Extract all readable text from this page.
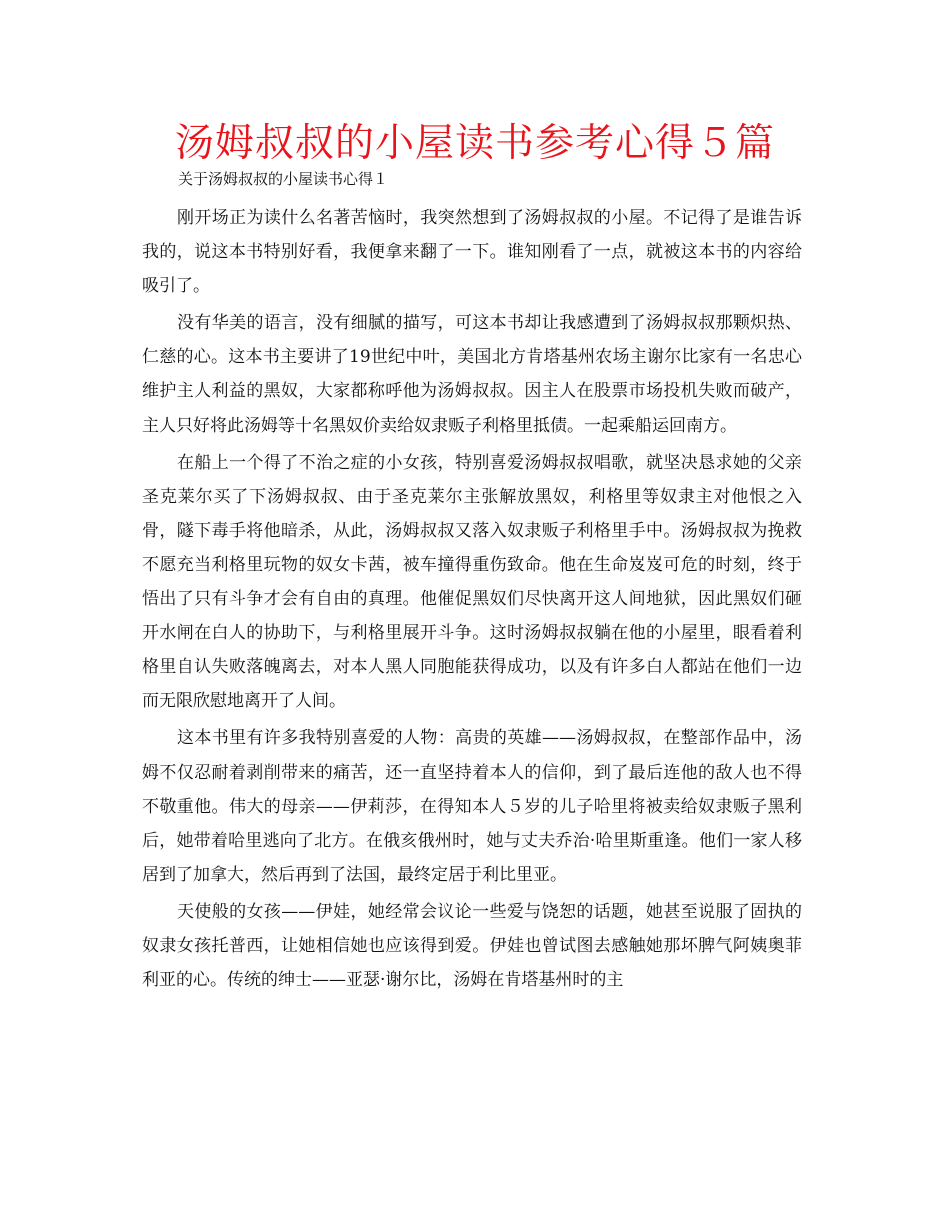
汤姆叔叔的小屋读书参考心得５篇

关于汤姆叔叔的小屋读书心得１

刚开场正为读什么名著苦恼时，我突然想到了汤姆叔叔的小屋。不记得了是谁告诉我的，说这本书特别好看，我便拿来翻了一下。谁知刚看了一点，就被这本书的内容给吸引了。

没有华美的语言，没有细腻的描写，可这本书却让我感遭到了汤姆叔叔那颗炽热、仁慈的心。这本书主要讲了19世纪中叶，美国北方肯塔基州农场主谢尔比家有一名忠心维护主人利益的黑奴，大家都称呼他为汤姆叔叔。因主人在股票市场投机失败而破产，主人只好将此汤姆等十名黑奴价卖给奴隶贩子利格里抵债。一起乘船运回南方。

在船上一个得了不治之症的小女孩，特别喜爱汤姆叔叔唱歌，就坚决恳求她的父亲圣克莱尔买了下汤姆叔叔、由于圣克莱尔主张解放黑奴，利格里等奴隶主对他恨之入骨，隧下毒手将他暗杀，从此，汤姆叔叔又落入奴隶贩子利格里手中。汤姆叔叔为挽救不愿充当利格里玩物的奴女卡茜，被车撞得重伤致命。他在生命岌岌可危的时刻，终于悟出了只有斗争才会有自由的真理。他催促黑奴们尽快离开这人间地狱，因此黑奴们砸开水闸在白人的协助下，与利格里展开斗争。这时汤姆叔叔躺在他的小屋里，眼看着利格里自认失败落魄离去，对本人黑人同胞能获得成功，以及有许多白人都站在他们一边而无限欣慰地离开了人间。

这本书里有许多我特别喜爱的人物：高贵的英雄——汤姆叔叔，在整部作品中，汤姆不仅忍耐着剥削带来的痛苦，还一直坚持着本人的信仰，到了最后连他的敌人也不得不敬重他。伟大的母亲——伊莉莎，在得知本人５岁的儿子哈里将被卖给奴隶贩子黑利后，她带着哈里逃向了北方。在俄亥俄州时，她与丈夫乔治·哈里斯重逢。他们一家人移居到了加拿大，然后再到了法国，最终定居于利比里亚。

天使般的女孩——伊娃，她经常会议论一些爱与饶恕的话题，她甚至说服了固执的奴隶女孩托普西，让她相信她也应该得到爱。伊娃也曾试图去感触她那坏脾气阿姨奥菲利亚的心。传统的绅士——亚瑟·谢尔比，汤姆在肯塔基州时的主
